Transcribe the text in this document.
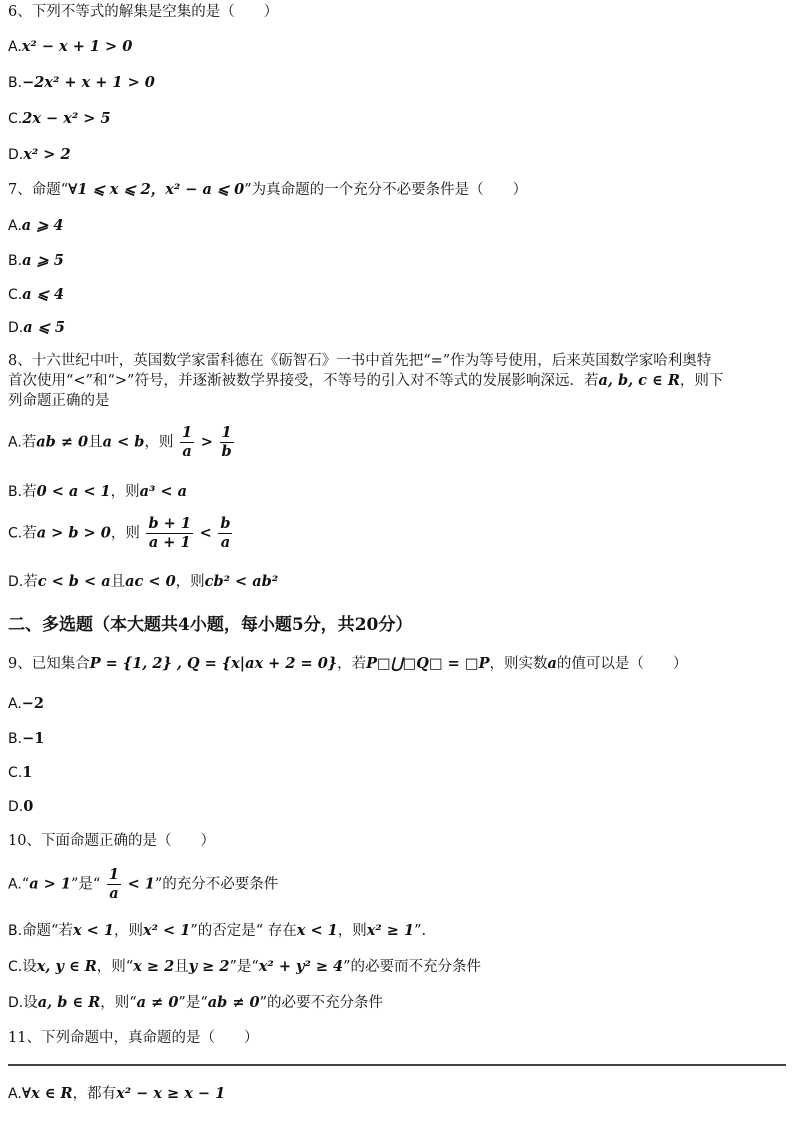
6、下列不等式的解集是空集的是（　　）
A.x² − x + 1 > 0
B.−2x² + x + 1 > 0
C.2x − x² > 5
D.x² > 2
7、命题“∀1 ⩽ x ⩽ 2，x² − a ⩽ 0”为真命题的一个充分不必要条件是（　　）
A.a ⩾ 4
B.a ⩾ 5
C.a ⩽ 4
D.a ⩽ 5
8、十六世纪中叶，英国数学家雷科德在《砺智石》一书中首先把“=”作为等号使用，后来英国数学家哈利奥特
首次使用“<”和“>”符号，并逐渐被数学界接受，不等号的引入对不等式的发展影响深远．若a, b, c ∈ R，则下
列命题正确的是
A.若ab ≠ 0且a < b，则 $\frac{1}{a} > \frac{1}{b}$
B.若0 < a < 1，则a³ < a
C.若a > b > 0，则 $\frac{b + 1}{a + 1} < \frac{b}{a}$
D.若c < b < a且ac < 0，则cb² < ab²
二、多选题（本大题共4小题，每小题5分，共20分）
9、已知集合P = {1, 2} , Q = {x|ax + 2 = 0}，若P□⋃□Q□ = □P，则实数a的值可以是（　　）
A.−2
B.−1
C.1
D.0
10、下面命题正确的是（　　）
A.“a > 1”是“ $\frac{1}{a} < 1$”的充分不必要条件
B.命题“若x < 1，则x² < 1”的否定是“ 存在x < 1，则x² ≥ 1”.
C.设x, y ∈ R，则“x ≥ 2且y ≥ 2”是“x² + y² ≥ 4”的必要而不充分条件
D.设a, b ∈ R，则“a ≠ 0”是“ab ≠ 0”的必要不充分条件
11、下列命题中，真命题的是（　　）
A.∀x ∈ R，都有x² − x ≥ x − 1
